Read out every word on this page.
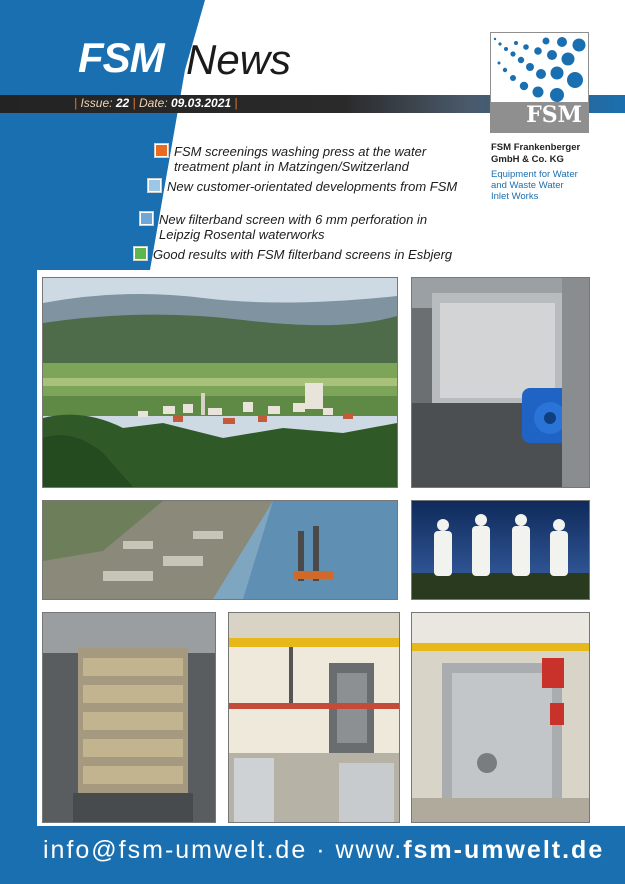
FSM News
| Issue: 22 | Date: 09.03.2021 |	FSM
FSM Frankenberger
GmbH & Co. KG
Equipment for Water
and Waste Water
Inlet Works
FSM screenings washing press at the water
treatment plant in Matzingen/Switzerland
New customer-orientated developments from FSM
New filterband screen with 6 mm perforation in
Leipzig Rosental waterworks
Good results with FSM filterband screens in Esbjerg
info@fsm-umwelt.de · www.fsm-umwelt.de
